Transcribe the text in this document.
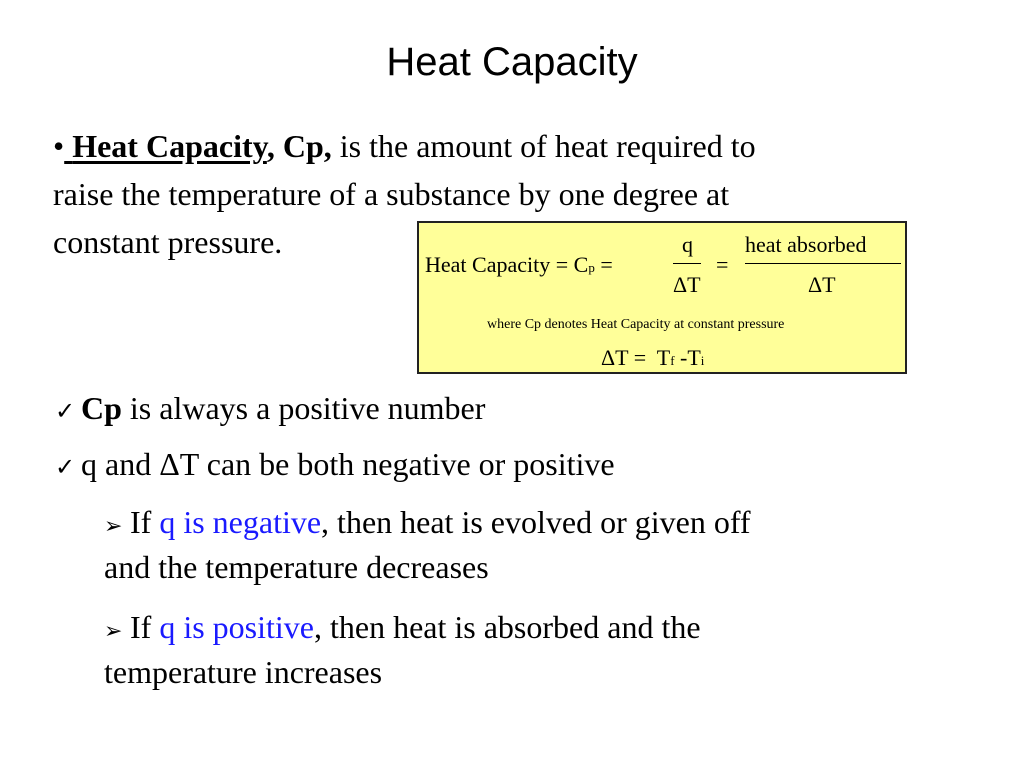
Heat Capacity
• Heat Capacity, Cp, is the amount of heat required to
raise the temperature of a substance by one degree at
constant pressure.
Heat Capacity = Cp =
q
ΔT
=
heat absorbed
ΔT
where Cp denotes Heat Capacity at constant pressure
ΔT = Tf -Ti
✓ Cp is always a positive number
✓ q and ΔT can be both negative or positive
➢ If q is negative, then heat is evolved or given off
and the temperature decreases
➢ If q is positive, then heat is absorbed and the
temperature increases
